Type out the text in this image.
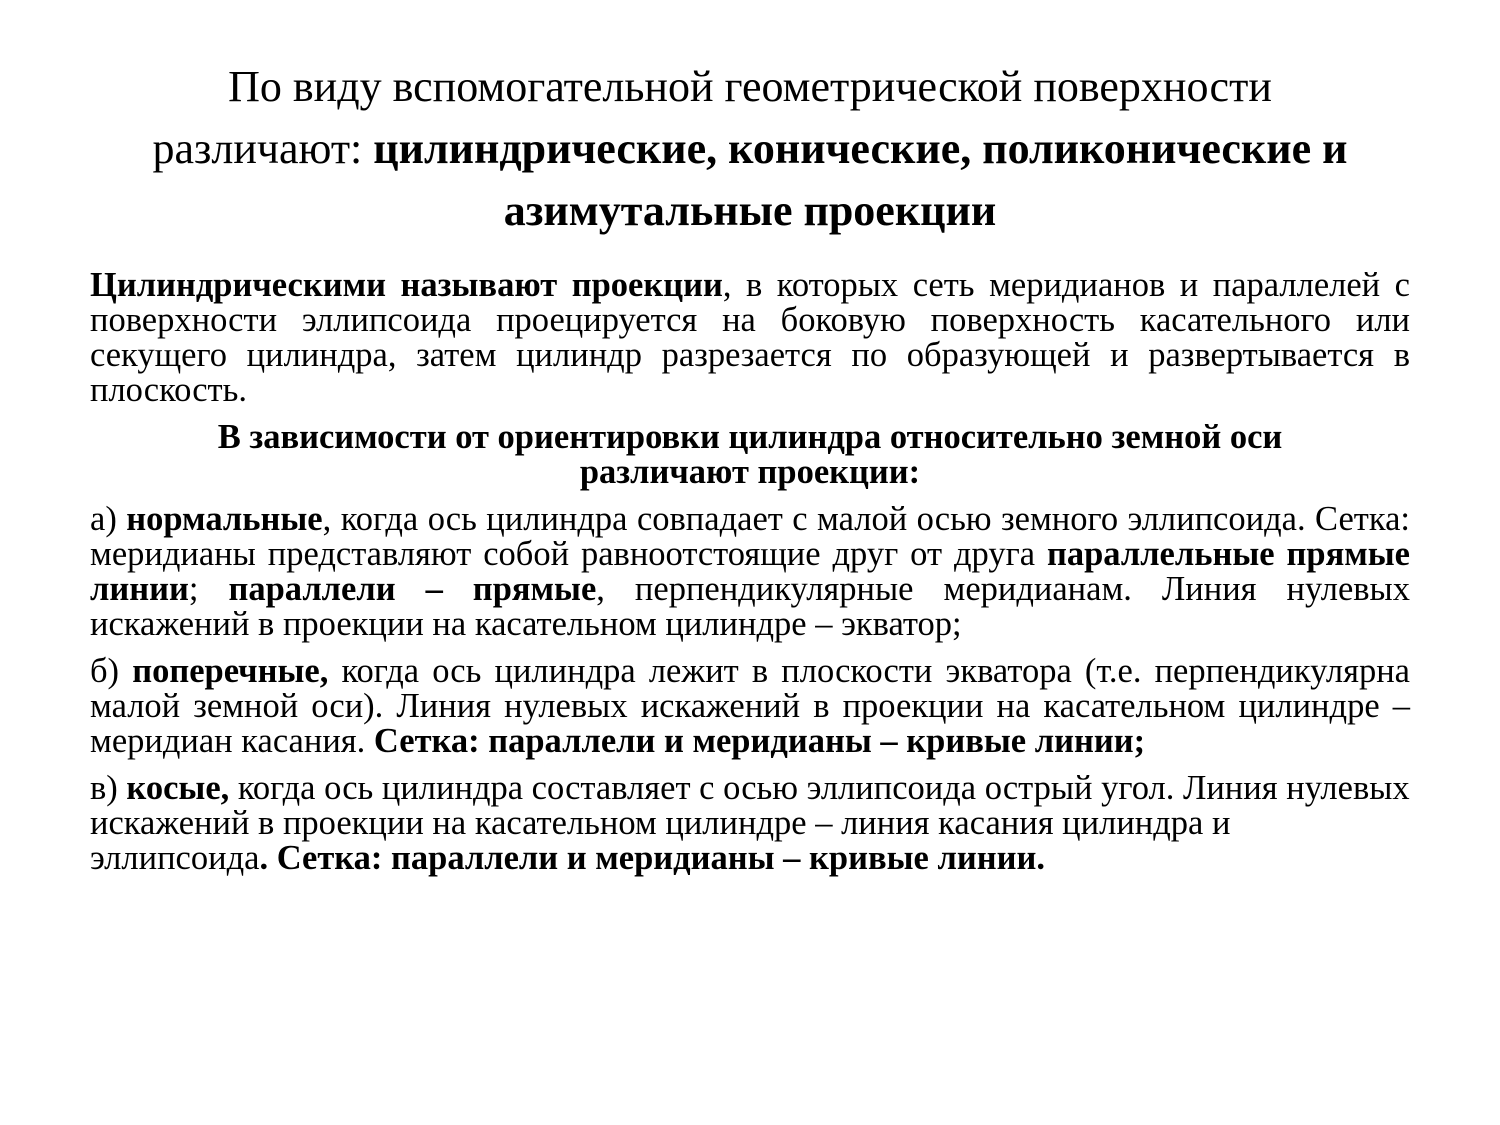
По виду вспомогательной геометрической поверхности
различают: цилиндрические, конические, поликонические и азимутальные проекции

Цилиндрическими называют проекции, в которых сеть меридианов и параллелей с поверхности эллипсоида проецируется на боковую поверхность касательного или секущего цилиндра, затем цилиндр разрезается по образующей и развертывается в плоскость.

В зависимости от ориентировки цилиндра относительно земной оси
различают проекции:

а) нормальные, когда ось цилиндра совпадает с малой осью земного эллипсоида. Сетка: меридианы представляют собой равноотстоящие друг от друга параллельные прямые линии; параллели – прямые, перпендикулярные меридианам. Линия нулевых искажений в проекции на касательном цилиндре – экватор;

б) поперечные, когда ось цилиндра лежит в плоскости экватора (т.е. перпендикулярна малой земной оси). Линия нулевых искажений в проекции на касательном цилиндре – меридиан касания. Сетка: параллели и меридианы – кривые линии;

в) косые, когда ось цилиндра составляет с осью эллипсоида острый угол. Линия нулевых искажений в проекции на касательном цилиндре – линия касания цилиндра и эллипсоида. Сетка: параллели и меридианы – кривые линии.
